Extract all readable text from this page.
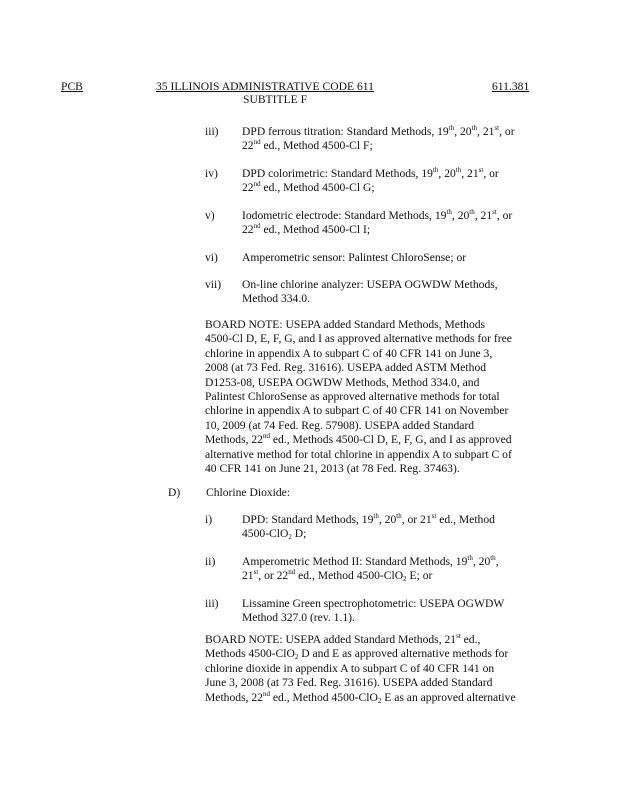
PCB	35 ILLINOIS ADMINISTRATIVE CODE 611	611.381
SUBTITLE F
iii) DPD ferrous titration: Standard Methods, 19th, 20th, 21st, or
22nd ed., Method 4500-Cl F;
iv) DPD colorimetric: Standard Methods, 19th, 20th, 21st, or
22nd ed., Method 4500-Cl G;
v) Iodometric electrode: Standard Methods, 19th, 20th, 21st, or
22nd ed., Method 4500-Cl I;
vi) Amperometric sensor: Palintest ChloroSense; or
vii) On-line chlorine analyzer: USEPA OGWDW Methods,
Method 334.0.
BOARD NOTE: USEPA added Standard Methods, Methods
4500-Cl D, E, F, G, and I as approved alternative methods for free
chlorine in appendix A to subpart C of 40 CFR 141 on June 3,
2008 (at 73 Fed. Reg. 31616). USEPA added ASTM Method
D1253-08, USEPA OGWDW Methods, Method 334.0, and
Palintest ChloroSense as approved alternative methods for total
chlorine in appendix A to subpart C of 40 CFR 141 on November
10, 2009 (at 74 Fed. Reg. 57908). USEPA added Standard
Methods, 22nd ed., Methods 4500-Cl D, E, F, G, and I as approved
alternative method for total chlorine in appendix A to subpart C of
40 CFR 141 on June 21, 2013 (at 78 Fed. Reg. 37463).
D) Chlorine Dioxide:
i)	DPD: Standard Methods, 19th, 20th, or 21st ed., Method
4500-ClO$_2$ D;
ii) Amperometric Method II: Standard Methods, 19th, 20th,
21st, or 22nd ed., Method 4500-ClO$_2$ E; or
iii) Lissamine Green spectrophotometric: USEPA OGWDW
Method 327.0 (rev. 1.1).
BOARD NOTE: USEPA added Standard Methods, 21st ed.,
Methods 4500-ClO$_2$ D and E as approved alternative methods for
chlorine dioxide in appendix A to subpart C of 40 CFR 141 on
June 3, 2008 (at 73 Fed. Reg. 31616). USEPA added Standard
Methods, 22nd ed., Method 4500-ClO$_2$ E as an approved alternative
